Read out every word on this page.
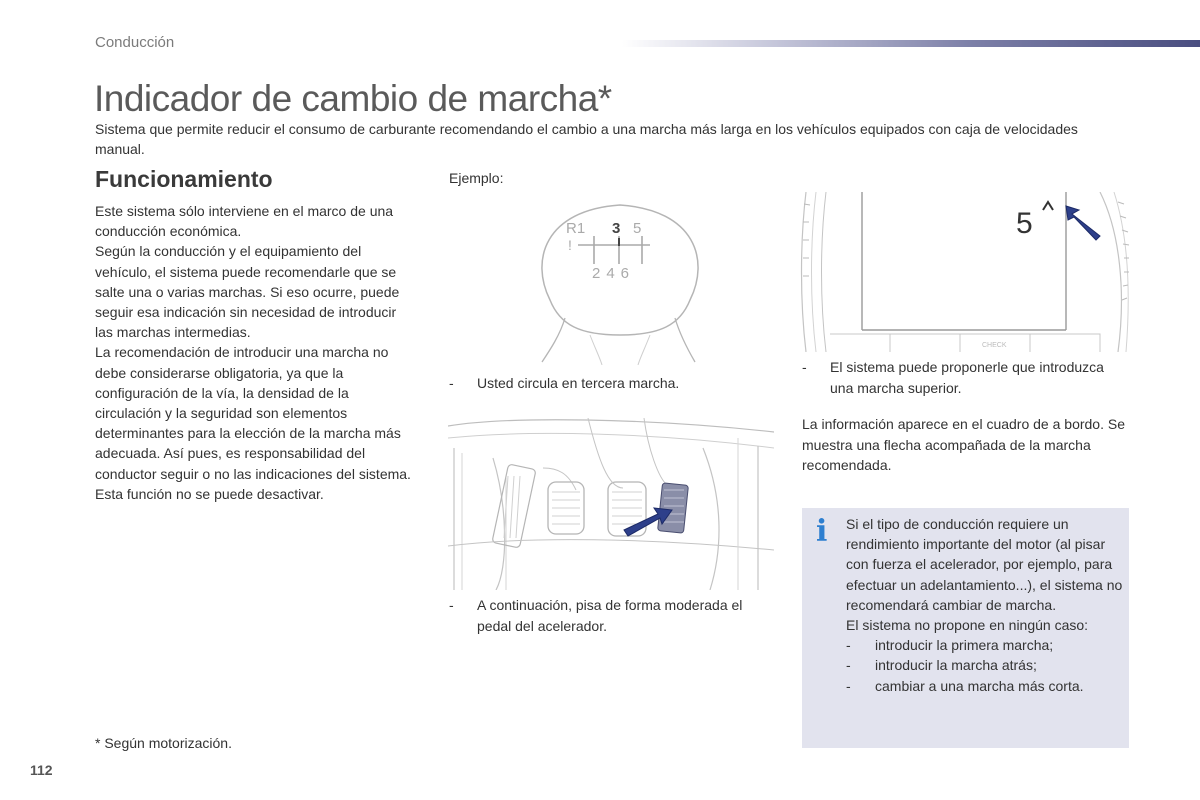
Conducción
Indicador de cambio de marcha*
Sistema que permite reducir el consumo de carburante recomendando el cambio a una marcha más larga en los vehículos equipados con caja de velocidades manual.
Funcionamiento

Este sistema sólo interviene en el marco de una conducción económica.

Según la conducción y el equipamiento del vehículo, el sistema puede recomendarle que se salte una o varias marchas. Si eso ocurre, puede seguir esa indicación sin necesidad de introducir las marchas intermedias.

La recomendación de introducir una marcha no debe considerarse obligatoria, ya que la configuración de la vía, la densidad de la circulación y la seguridad son elementos determinantes para la elección de la marcha más adecuada. Así pues, es responsabilidad del conductor seguir o no las indicaciones del sistema.

Esta función no se puede desactivar.

* Según motorización.
112
Ejemplo:
R1 3 5
!
246
-	Usted circula en tercera marcha.
-	A continuación, pisa de forma moderada el pedal del acelerador.
5
CHECK
-	El sistema puede proponerle que introduzca una marcha superior.
La información aparece en el cuadro de a bordo. Se muestra una flecha acompañada de la marcha recomendada.
i Si el tipo de conducción requiere un rendimiento importante del motor (al pisar con fuerza el acelerador, por ejemplo, para efectuar un adelantamiento...), el sistema no recomendará cambiar de marcha.

El sistema no propone en ningún caso:

-	introducir la primera marcha;
-	introducir la marcha atrás;
-	cambiar a una marcha más corta.
